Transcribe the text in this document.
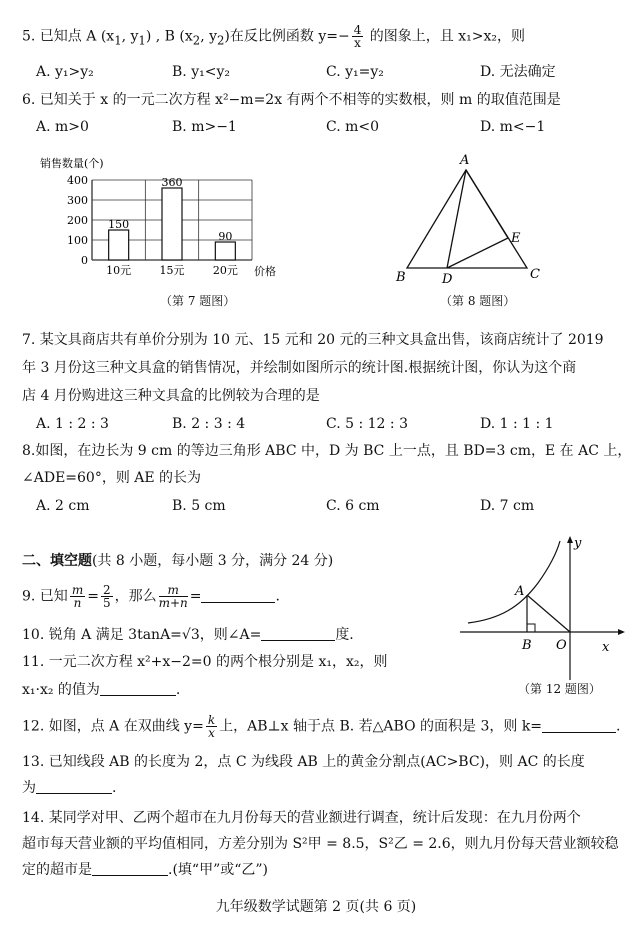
5. 已知点 A ($x_1$, $y_1$) , B ($x_2$, $y_2$)在反比例函数 $y=- \frac{4}{x}$ 的图象上，且 x₁>x₂，则
A. y₁>y₂	B. y₁<y₂	C. y₁=y₂	D. 无法确定
6. 已知关于 x 的一元二次方程 x²−m=2x 有两个不相等的实数根，则 m 的取值范围是
A. m>0	B. m>−1	C. m<0	D. m<−1
销售数量(个)
0
100
200
300
400
150
10元
360
15元
90
20元 价格
（第 7 题图）
A
B	C
D
E
（第 8 题图）
7. 某文具商店共有单价分别为 10 元、15 元和 20 元的三种文具盒出售，该商店统计了 2019
年 3 月份这三种文具盒的销售情况，并绘制如图所示的统计图.根据统计图，你认为这个商
店 4 月份购进这三种文具盒的比例较为合理的是
A. 1 : 2 : 3	B. 2 : 3 : 4	C. 5 : 12 : 3	D. 1 : 1 : 1
8.如图，在边长为 9 cm 的等边三角形 ABC 中，D 为 BC 上一点，且 BD=3 cm，E 在 AC 上，
∠ADE=60°，则 AE 的长为
A. 2 cm	B. 5 cm	C. 6 cm	D. 7 cm
二、填空题(共 8 小题，每小题 3 分，满分 24 分)
9. 已知 $\frac{m}{n} = \frac{2}{5}$ ，那么 $\frac{m}{m+n}$ =	.
10. 锐角 A 满足 3tanA=√3，则∠A=	度.
11. 一元二次方程 x²+x−2=0 的两个根分别是 x₁，x₂，则
x₁·x₂ 的值为	.
A
B O	x
y
（第 12 题图）
12. 如图，点 A 在双曲线 $y= \frac{k}{x}$ 上，AB⊥x 轴于点 B. 若△ABO 的面积是 3，则 k=	.
13. 已知线段 AB 的长度为 2，点 C 为线段 AB 上的黄金分割点(AC>BC)，则 AC 的长度
为	.
14. 某同学对甲、乙两个超市在九月份每天的营业额进行调查，统计后发现：在九月份两个
超市每天营业额的平均值相同，方差分别为 S²甲 = 8.5，S²乙 = 2.6，则九月份每天营业额较稳
定的超市是	.(填“甲”或“乙”)
九年级数学试题第 2 页(共 6 页)
